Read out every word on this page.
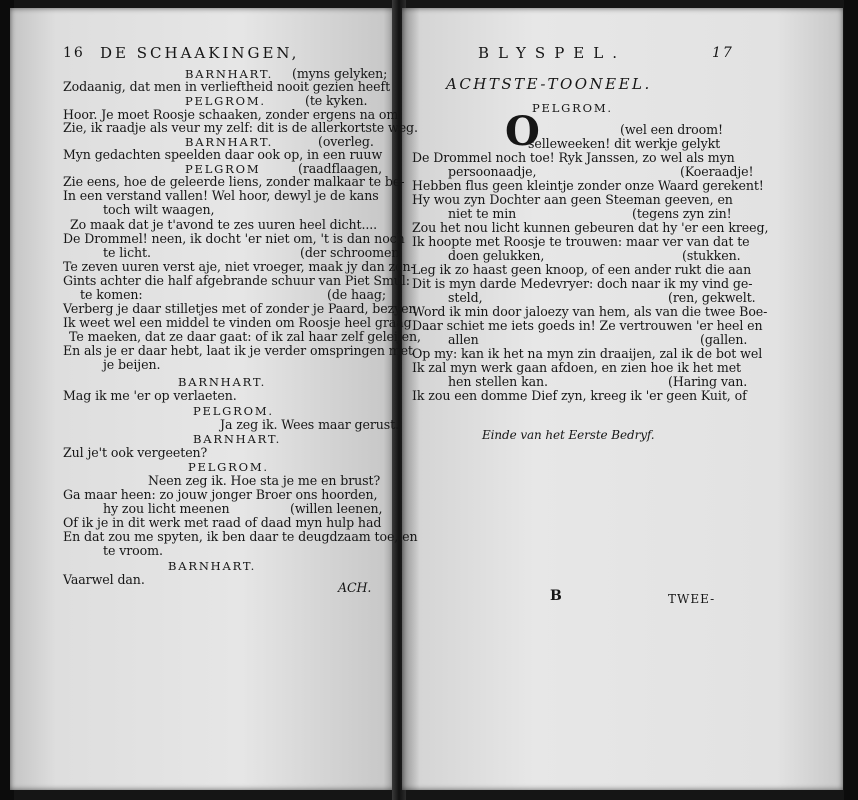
16 DE SCHAAKINGEN,
BARNHART. (myns gelyken;
Zodaanig, dat men in verlieftheid nooit gezien heeft
PELGROM.	(te kyken.
Hoor. Je moet Roosje schaaken, zonder ergens na om
Zie, ik raadje als veur my zelf: dit is de allerkortste weg.
BARNHART.	(overleg.
Myn gedachten speelden daar ook op, in een ruuw
PELGROM	(raadflaagen,
Zie eens, hoe de geleerde liens, zonder malkaar te be-
In een verstand vallen! Wel hoor, dewyl je de kans
toch wilt waagen,
Zo maak dat je t'avond te zes uuren heel dicht....
De Drommel! neen, ik docht 'er niet om, 't is dan noch
te licht.	(der schroomen
Te zeven uuren verst aje, niet vroeger, maak jy dan zon-
Gints achter die half afgebrande schuur van Piet Smul:
te komen:	(de haag;
Verberg je daar stilletjes met of zonder je Paard, bezyen
Ik weet wel een middel te vinden om Roosje heel graag
Te maeken, dat ze daar gaat: of ik zal haar zelf geleijen,
En als je er daar hebt, laat ik je verder omspringen met
je beijen.
BARNHART.
Mag ik me 'er op verlaeten.
PELGROM.
Ja zeg ik. Wees maar gerust.
BARNHART.
Zul je't ook vergeeten?
PELGROM.
Neen zeg ik. Hoe sta je me en brust?
Ga maar heen: zo jouw jonger Broer ons hoorden,
hy zou licht meenen	(willen leenen,
Of ik je in dit werk met raad of daad myn hulp had
En dat zou me spyten, ik ben daar te deugdzaam toe, en
te vroom.
BARNHART.
Vaarwel dan.
ACH.
BLYSPEL.	17
ACHTSTE-TOONEEL.
PELGROM.
O	(wel een droom!
selleweeken! dit werkje gelykt
De Drommel noch toe! Ryk Janssen, zo wel als myn
persoonaadje,	(Koeraadje!
Hebben flus geen kleintje zonder onze Waard gerekent!
Hy wou zyn Dochter aan geen Steeman geeven, en
niet te min	(tegens zyn zin!
Zou het nou licht kunnen gebeuren dat hy 'er een kreeg,
Ik hoopte met Roosje te trouwen: maar ver van dat te
doen gelukken,	(stukken.
Leg ik zo haast geen knoop, of een ander rukt die aan
Dit is myn darde Medevryer: doch naar ik my vind ge-
steld,	(ren, gekwelt.
Word ik min door jaloezy van hem, als van die twee Boe-
Daar schiet me iets goeds in! Ze vertrouwen 'er heel en
allen	(gallen.
Op my: kan ik het na myn zin draaijen, zal ik de bot wel
Ik zal myn werk gaan afdoen, en zien hoe ik het met
hen stellen kan.	(Haring van.
Ik zou een domme Dief zyn, kreeg ik 'er geen Kuit, of
Einde van het Eerste Bedryf.
B	TWEE-
